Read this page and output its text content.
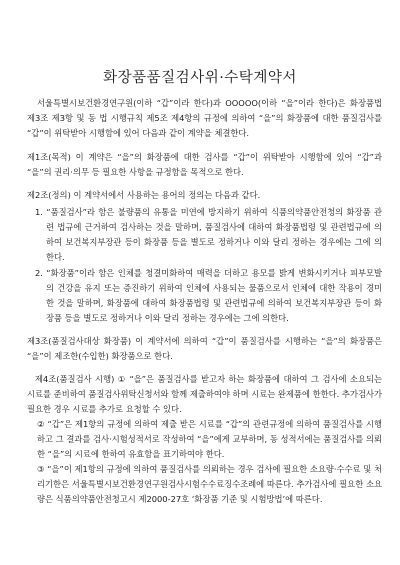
화장품품질검사위·수탁계약서

서울특별시보건환경연구원(이하 “갑”이라 한다)과 OOOOO(이하 “을”이라 한다)은 화장품법 제3조 제3항 및 동 법 시행규칙 제5조 제4항의 규정에 의하여 “을”의 화장품에 대한 품질검사를 “갑”이 위탁받아 시행함에 있어 다음과 같이 계약을 체결한다.

제1조(목적) 이 계약은 “을”의 화장품에 대한 검사를 “갑”이 위탁받아 시행함에 있어 “갑”과 “을”의 권리·의무 등 필요한 사항을 규정함을 목적으로 한다.

제2조(정의) 이 계약서에서 사용하는 용어의 정의는 다음과 같다.

1. “품질검사”라 함은 불량품의 유통을 미연에 방지하기 위하여 식품의약품안전청의 화장품 관련 법규에 근거하여 검사하는 것을 말하며, 품질검사에 대하여 화장품법령 및 관련법규에 의하여 보건복지부장관 등이 화장품 등을 별도로 정하거나 이와 달리 정하는 경우에는 그에 의한다.

2. “화장품”이라 함은 인체를 청결미화하여 매력을 더하고 용모를 밝게 변화시키거나 피부모발의 건강을 유지 또는 증진하기 위하여 인체에 사용되는 물품으로서 인체에 대한 작용이 경미한 것을 말하며, 화장품에 대하여 화장품법령 및 관련법규에 의하여 보건복지부장관 등이 화장품 등을 별도로 정하거나 이와 달리 정하는 경우에는 그에 의한다.

제3조(품질검사대상 화장품) 이 계약서에 의하여 “갑”이 품질검사를 시행하는 “을”의 화장품은 “을”이 제조한(수입한) 화장품으로 한다.

제4조(품질검사 시행) ① “을”은 품질검사를 받고자 하는 화장품에 대하여 그 검사에 소요되는 시료를 준비하여 품질검사위탁신청서와 함께 제출하여야 하며 시료는 완제품에 한한다. 추가검사가 필요한 경우 시료를 추가로 요청할 수 있다.

② “갑”은 제1항의 규정에 의하여 제출 받은 시료를 “갑”의 관련규정에 의하여 품질검사를 시행하고 그 결과를 검사·시험성적서로 작성하여 “을”에게 교부하며, 동 성적서에는 품질검사를 의뢰한 “을”의 시료에 한하여 유효함을 표기하여야 한다.

③ “을”이 제1항의 규정에 의하여 품질검사를 의뢰하는 경우 검사에 필요한 소요량·수수료 및 처리기한은 서울특별시보건환경연구원검사시험수수료징수조례에 따른다. 추가검사에 필요한 소요량은 식품의약품안전청고시 제2000-27호 ‘화장품 기준 및 시험방법’에 따른다.
